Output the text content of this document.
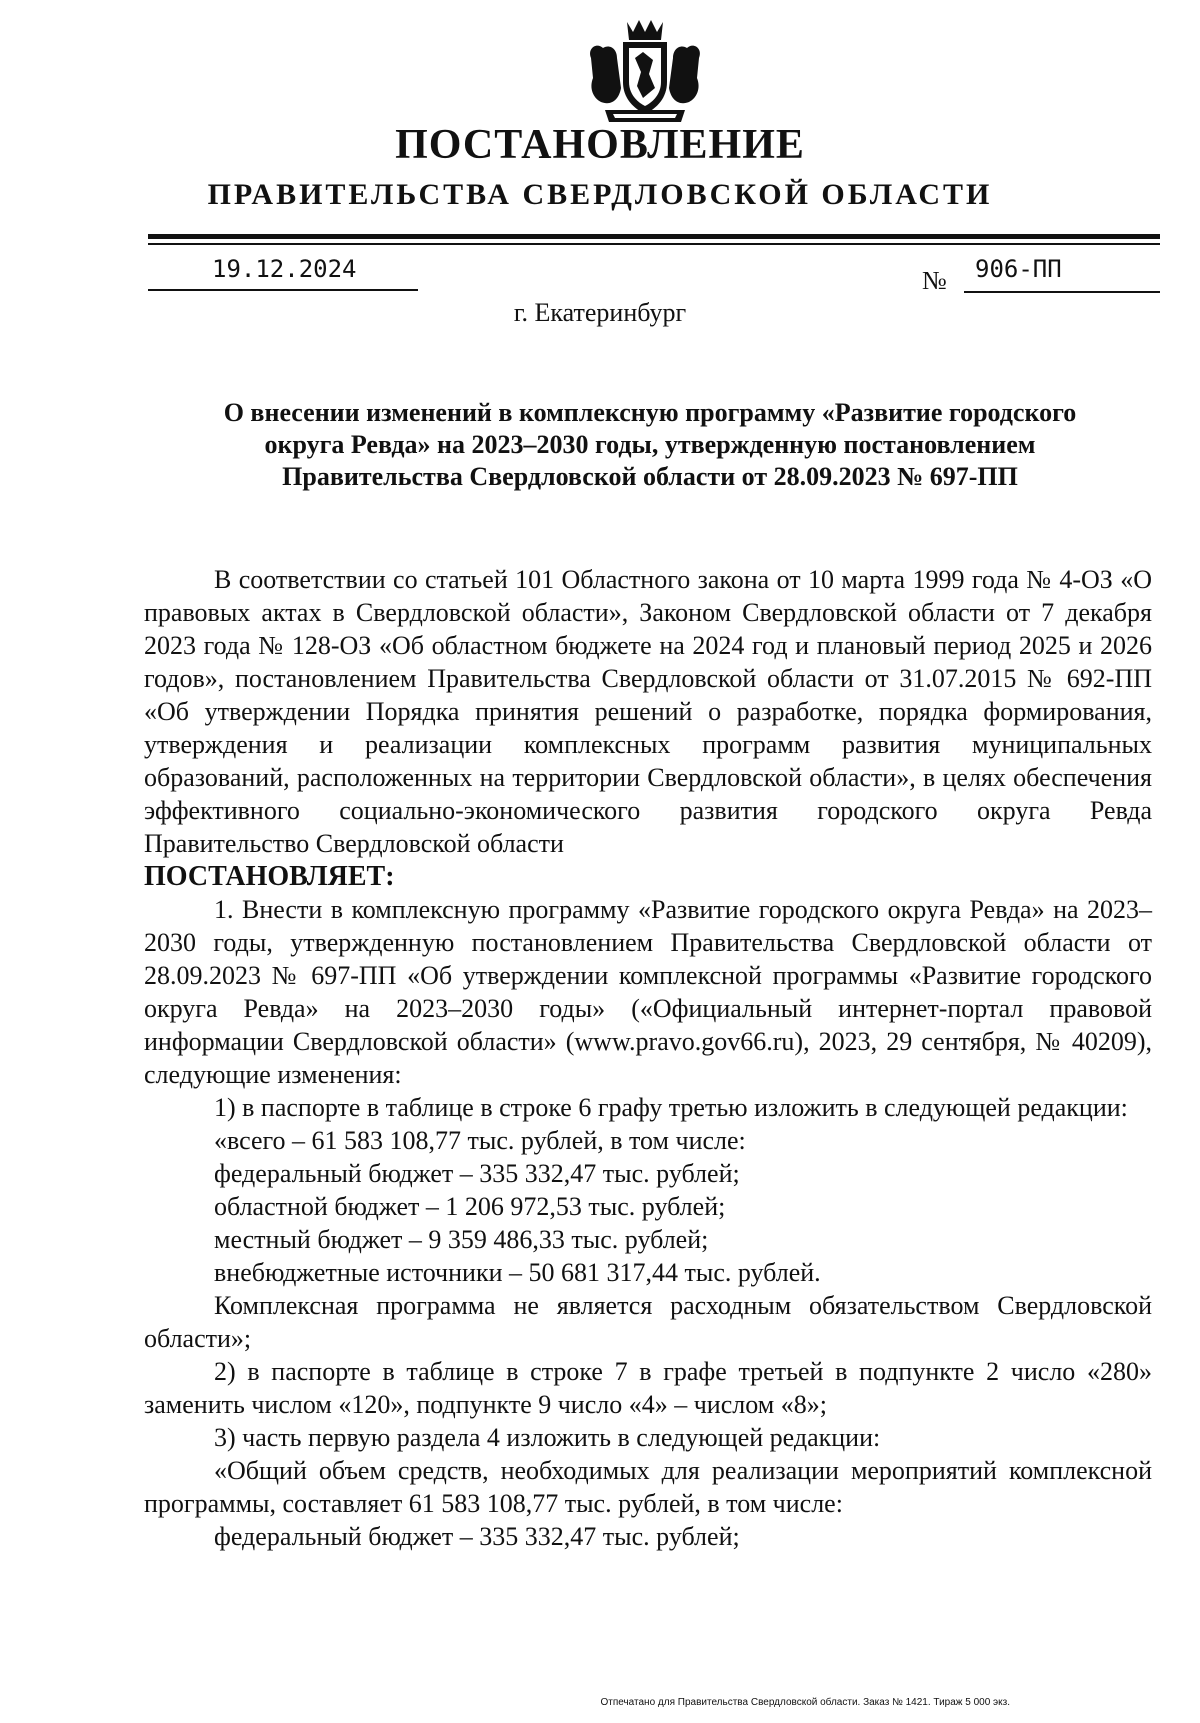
ПОСТАНОВЛЕНИЕ
ПРАВИТЕЛЬСТВА СВЕРДЛОВСКОЙ ОБЛАСТИ
19.12.2024	№ 906-ПП
г. Екатеринбург
О внесении изменений в комплексную программу «Развитие городского
округа Ревда» на 2023–2030 годы, утвержденную постановлением
Правительства Свердловской области от 28.09.2023 № 697-ПП

В соответствии со статьей 101 Областного закона от 10 марта 1999 года № 4-ОЗ «О правовых актах в Свердловской области», Законом Свердловской области от 7 декабря 2023 года № 128-ОЗ «Об областном бюджете на 2024 год и плановый период 2025 и 2026 годов», постановлением Правительства Свердловской области от 31.07.2015 № 692-ПП «Об утверждении Порядка принятия решений о разработке, порядка формирования, утверждения и реализации комплексных программ развития муниципальных образований, расположенных на территории Свердловской области», в целях обеспечения эффективного социально-экономического развития городского округа Ревда Правительство Свердловской области

ПОСТАНОВЛЯЕТ:

1. Внести в комплексную программу «Развитие городского округа Ревда» на 2023–2030 годы, утвержденную постановлением Правительства Свердловской области от 28.09.2023 № 697-ПП «Об утверждении комплексной программы «Развитие городского округа Ревда» на 2023–2030 годы» («Официальный интернет-портал правовой информации Свердловской области» (www.pravo.gov66.ru), 2023, 29 сентября, № 40209), следующие изменения:

1) в паспорте в таблице в строке 6 графу третью изложить в следующей редакции:

«всего – 61 583 108,77 тыс. рублей, в том числе:

федеральный бюджет – 335 332,47 тыс. рублей;

областной бюджет – 1 206 972,53 тыс. рублей;

местный бюджет – 9 359 486,33 тыс. рублей;

внебюджетные источники – 50 681 317,44 тыс. рублей.

Комплексная программа не является расходным обязательством Свердловской области»;

2) в паспорте в таблице в строке 7 в графе третьей в подпункте 2 число «280» заменить числом «120», подпункте 9 число «4» – числом «8»;

3) часть первую раздела 4 изложить в следующей редакции:

«Общий объем средств, необходимых для реализации мероприятий комплексной программы, составляет 61 583 108,77 тыс. рублей, в том числе:

федеральный бюджет – 335 332,47 тыс. рублей;

Отпечатано для Правительства Свердловской области. Заказ № 1421. Тираж 5 000 экз.
